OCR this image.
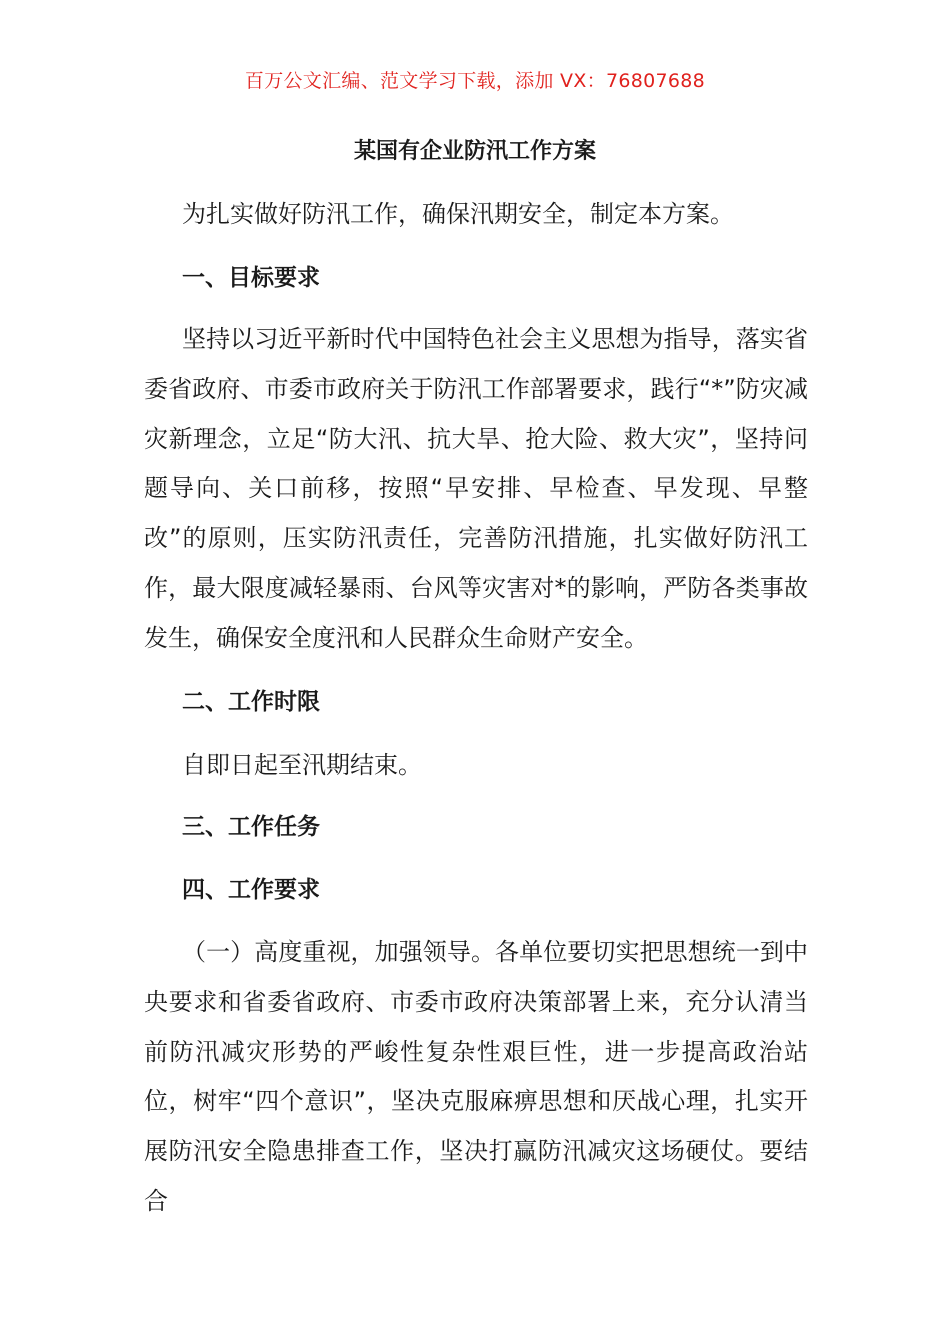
百万公文汇编、范文学习下载，添加 VX：76807688
某国有企业防汛工作方案
为扎实做好防汛工作，确保汛期安全，制定本方案。
一、目标要求

坚持以习近平新时代中国特色社会主义思想为指导，落实省委省政府、市委市政府关于防汛工作部署要求，践行“*”防灾减灾新理念，立足“防大汛、抗大旱、抢大险、救大灾”，坚持问题导向、关口前移，按照“早安排、早检查、早发现、早整改”的原则，压实防汛责任，完善防汛措施，扎实做好防汛工作，最大限度减轻暴雨、台风等灾害对*的影响，严防各类事故发生，确保安全度汛和人民群众生命财产安全。

二、工作时限
自即日起至汛期结束。
三、工作任务
四、工作要求

（一）高度重视，加强领导。各单位要切实把思想统一到中央要求和省委省政府、市委市政府决策部署上来，充分认清当前防汛减灾形势的严峻性复杂性艰巨性，进一步提高政治站位，树牢“四个意识”，坚决克服麻痹思想和厌战心理，扎实开展防汛安全隐患排查工作，坚决打赢防汛减灾这场硬仗。要结合
